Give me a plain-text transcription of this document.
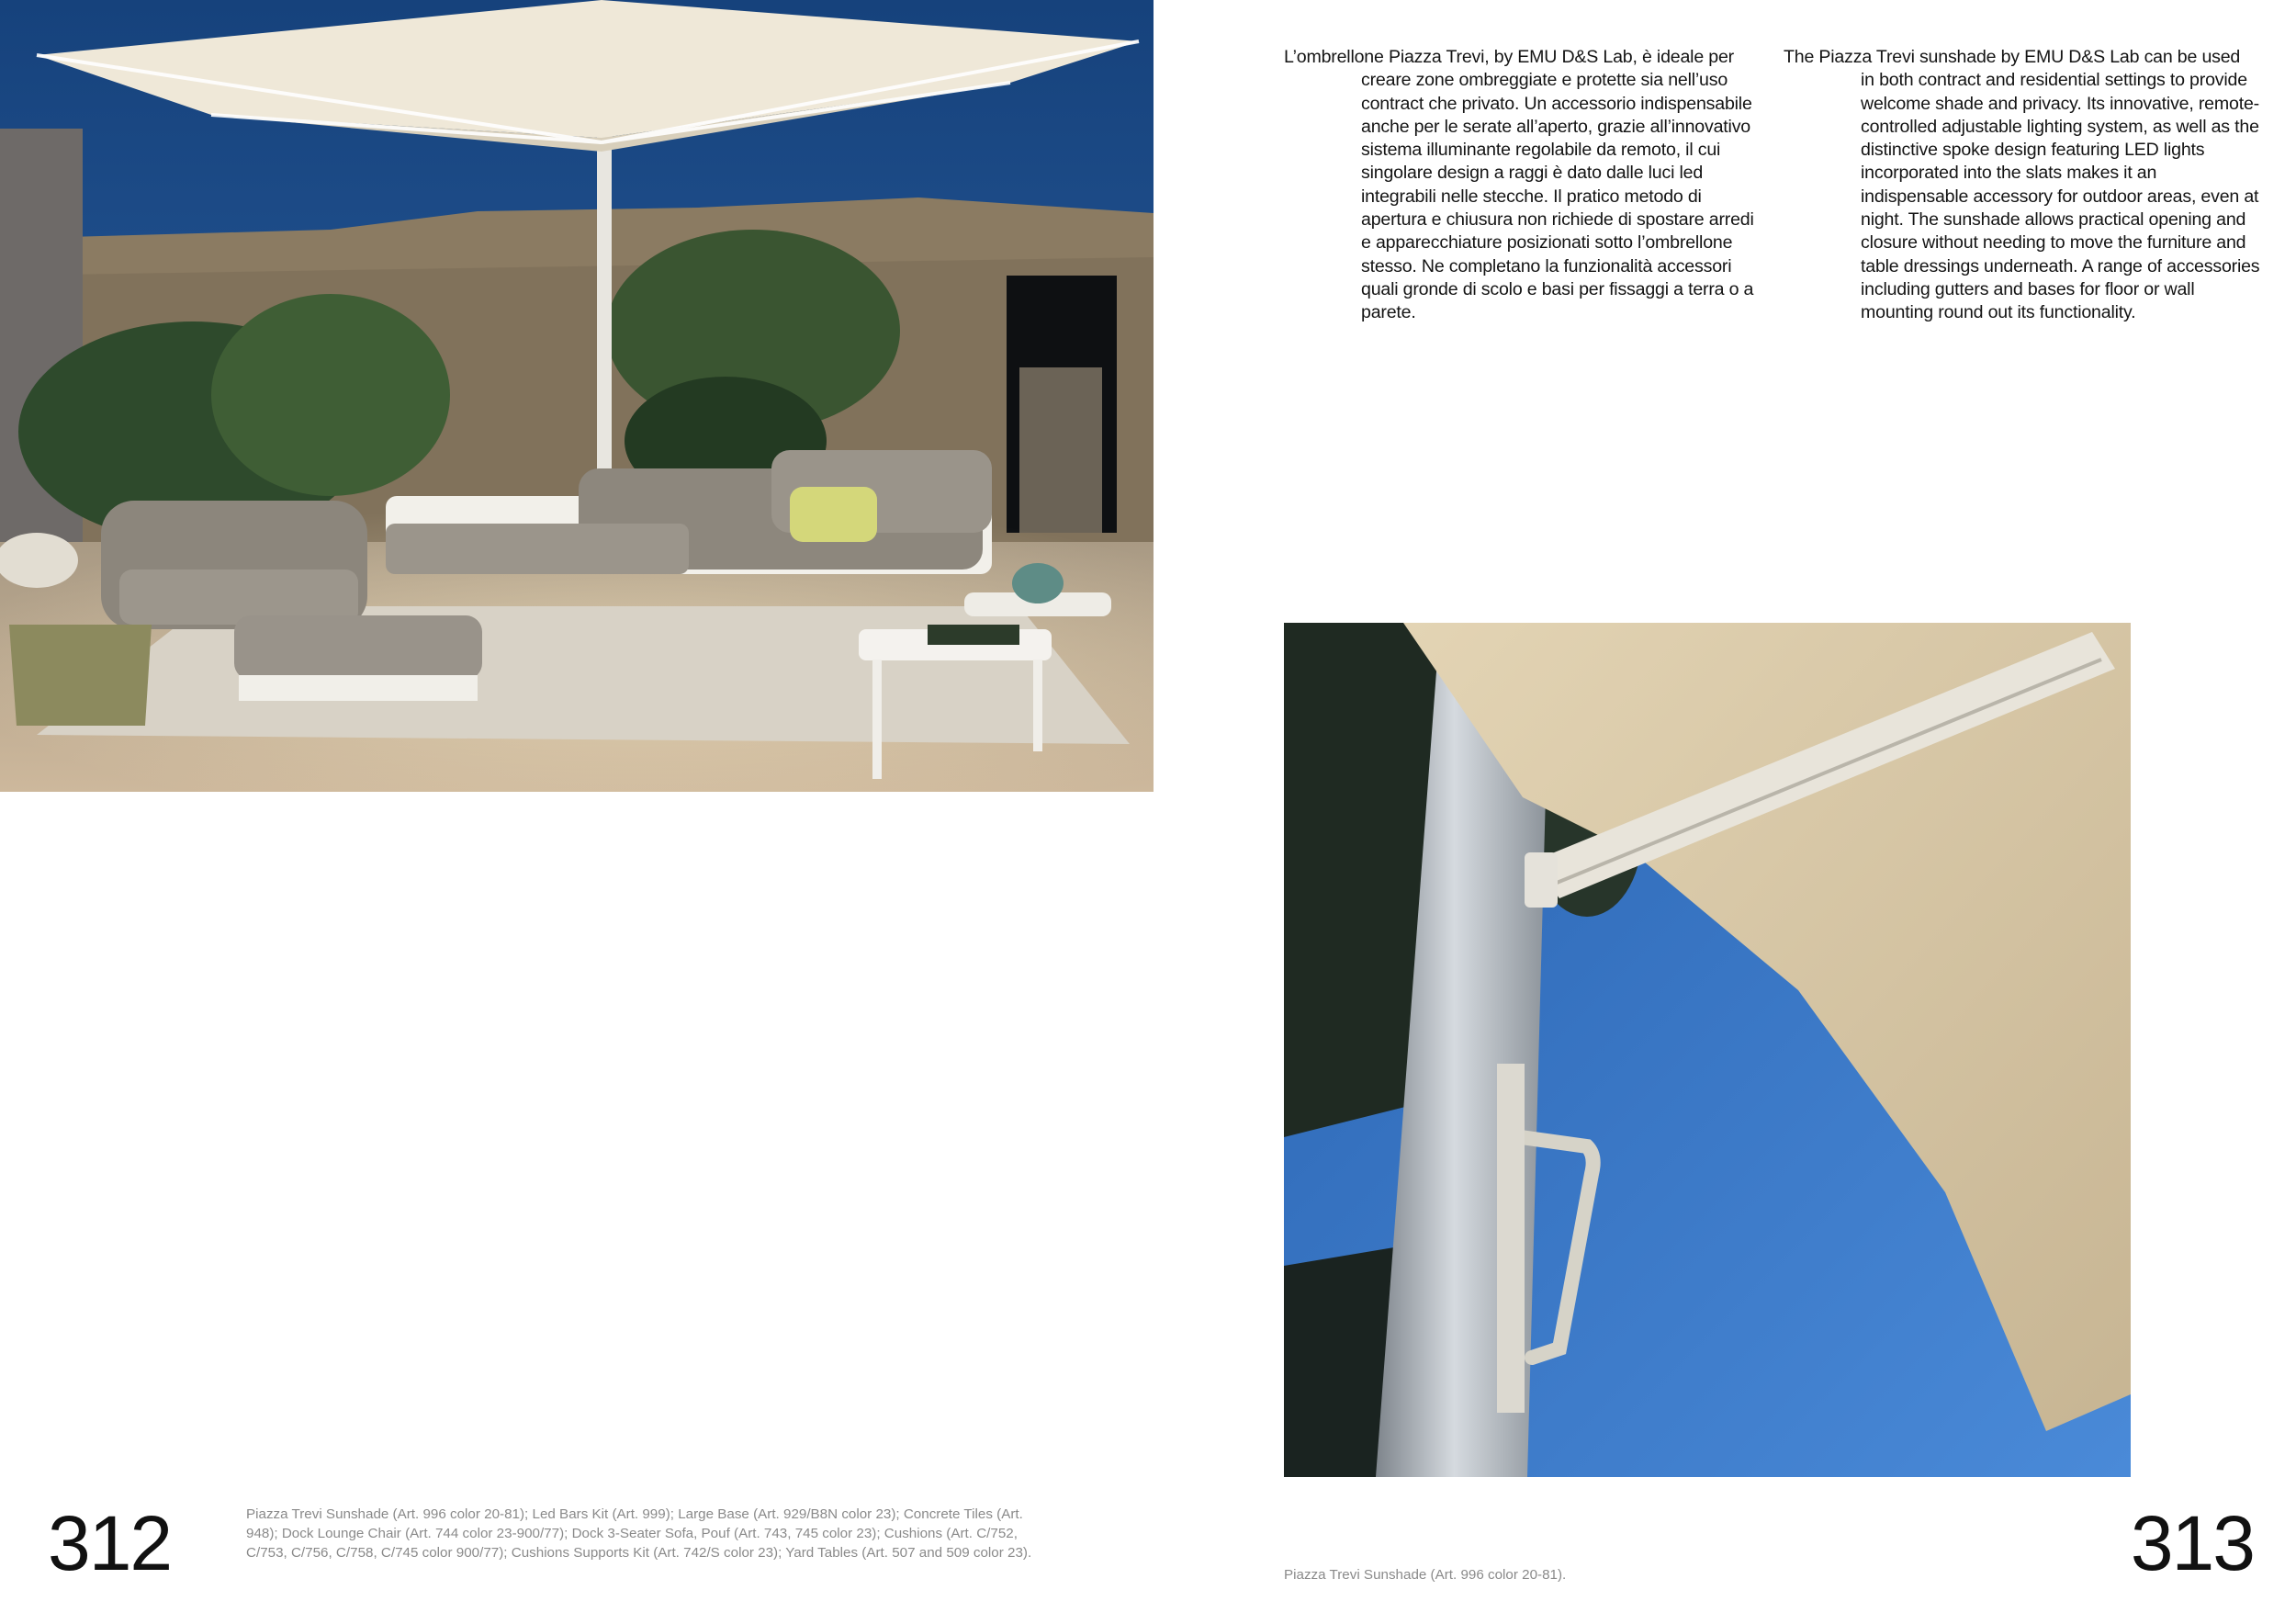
L’ombrellone Piazza Trevi, by EMU D&S Lab, è ideale per
creare zone ombreggiate e protette sia nell’uso contract che privato. Un accessorio indispensabile anche per le serate all’aperto, grazie all’innovativo sistema illuminante regolabile da remoto, il cui singolare design a raggi è dato dalle luci led integrabili nelle stecche. Il pratico metodo di apertura e chiusura non richiede di spostare arredi e apparecchiature posizionati sotto l’ombrellone stesso. Ne completano la funzionalità accessori quali gronde di scolo e basi per fissaggi a terra o a parete.

The Piazza Trevi sunshade by EMU D&S Lab can be used
in both contract and residential settings to provide welcome shade and privacy. Its innovative, remote-controlled adjustable lighting system, as well as the distinctive spoke design featuring LED lights incorporated into the slats makes it an indispensable accessory for outdoor areas, even at night. The sunshade allows practical opening and closure without needing to move the furniture and table dressings underneath. A range of accessories including gutters and bases for floor or wall mounting round out its functionality.

312	313

Piazza Trevi Sunshade (Art. 996 color 20-81); Led Bars Kit (Art. 999); Large Base (Art. 929/B8N color 23); Concrete Tiles (Art. 948); Dock Lounge Chair (Art. 744 color 23-900/77); Dock 3-Seater Sofa, Pouf (Art. 743, 745 color 23); Cushions (Art. C/752, C/753, C/756, C/758, C/745 color 900/77); Cushions Supports Kit (Art. 742/S color 23); Yard Tables (Art. 507 and 509 color 23).

Piazza Trevi Sunshade (Art. 996 color 20-81).
